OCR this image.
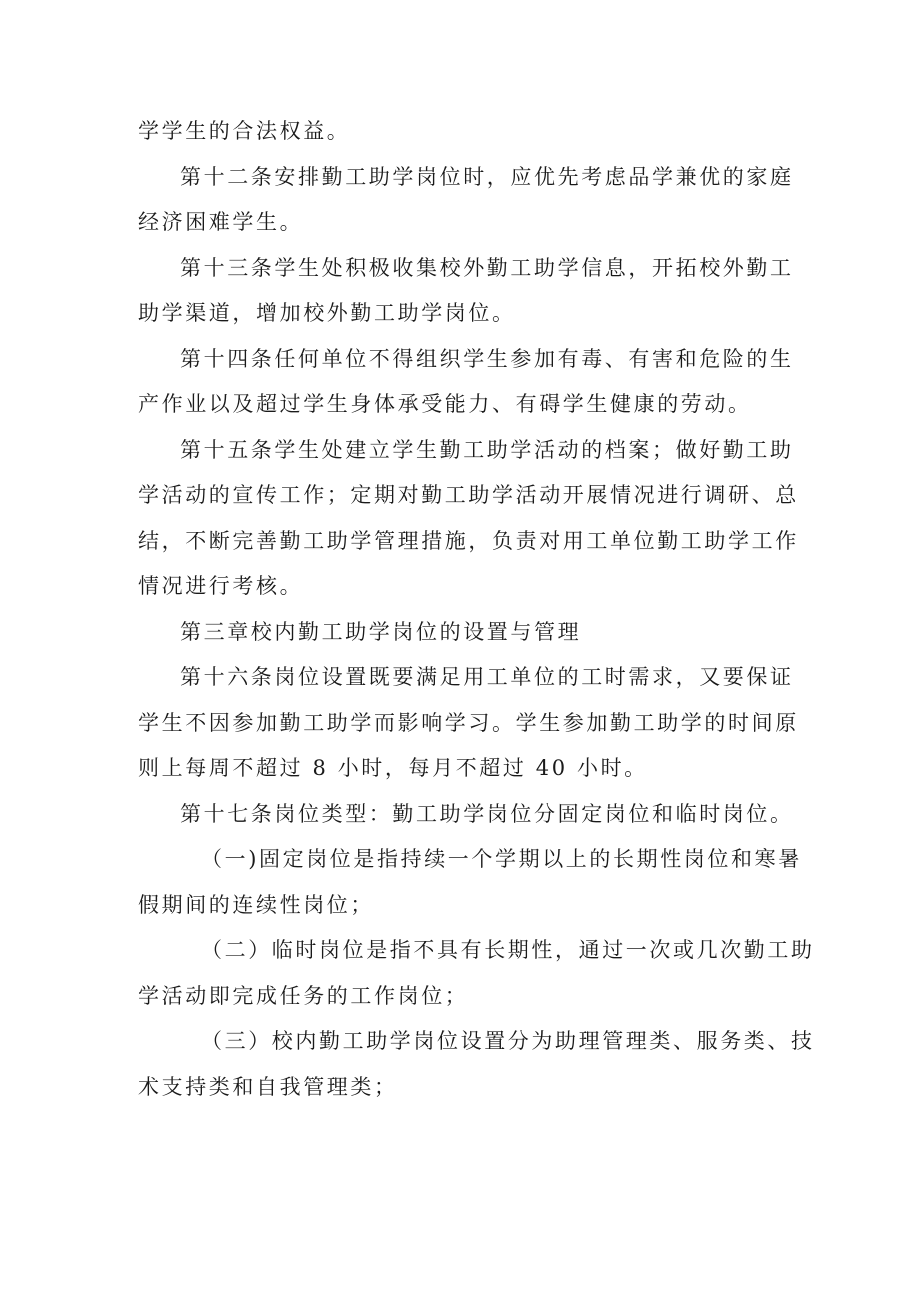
学学生的合法权益。

第十二条安排勤工助学岗位时，应优先考虑品学兼优的家庭
经济困难学生。

第十三条学生处积极收集校外勤工助学信息，开拓校外勤工
助学渠道，增加校外勤工助学岗位。

第十四条任何单位不得组织学生参加有毒、有害和危险的生
产作业以及超过学生身体承受能力、有碍学生健康的劳动。

第十五条学生处建立学生勤工助学活动的档案；做好勤工助
学活动的宣传工作；定期对勤工助学活动开展情况进行调研、总
结，不断完善勤工助学管理措施，负责对用工单位勤工助学工作
情况进行考核。

第三章校内勤工助学岗位的设置与管理

第十六条岗位设置既要满足用工单位的工时需求，又要保证
学生不因参加勤工助学而影响学习。学生参加勤工助学的时间原
则上每周不超过 8 小时，每月不超过 40 小时。

第十七条岗位类型：勤工助学岗位分固定岗位和临时岗位。

（一)固定岗位是指持续一个学期以上的长期性岗位和寒暑
假期间的连续性岗位；

（二）临时岗位是指不具有长期性，通过一次或几次勤工助
学活动即完成任务的工作岗位；

（三）校内勤工助学岗位设置分为助理管理类、服务类、技
术支持类和自我管理类；
